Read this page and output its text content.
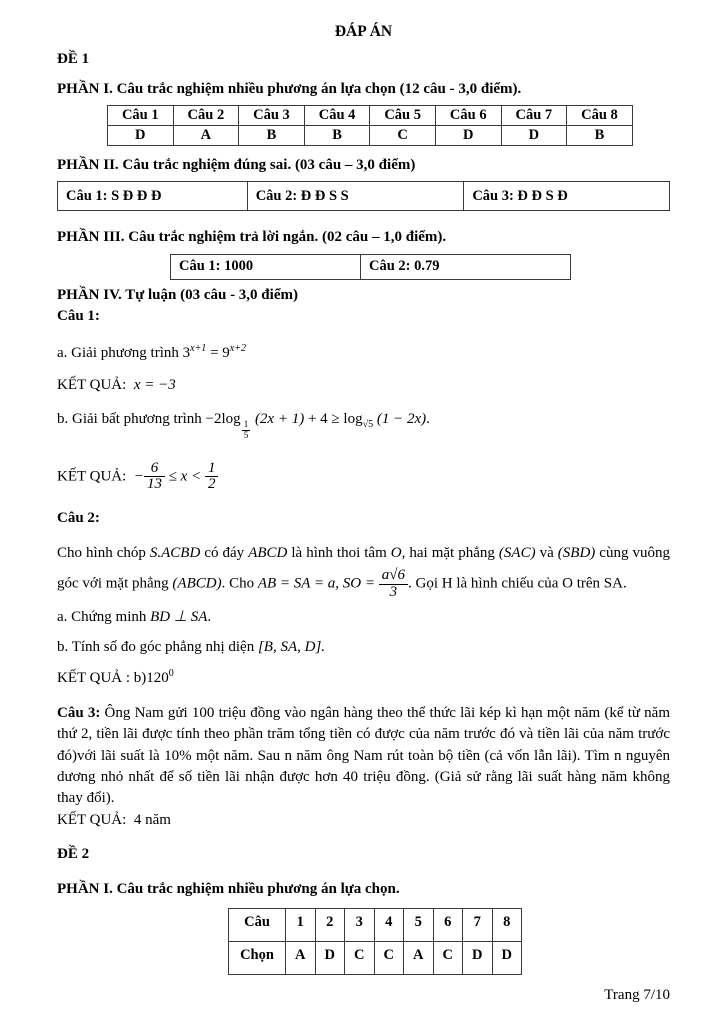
ĐÁP ÁN
ĐỀ 1
PHẦN I. Câu trắc nghiệm nhiều phương án lựa chọn (12 câu - 3,0 điểm).
Câu 1	Câu 2	Câu 3	Câu 4	Câu 5	Câu 6	Câu 7	Câu 8
D	A	B	B	C	D	D	B
PHẦN II. Câu trắc nghiệm đúng sai. (03 câu – 3,0 điểm)
Câu 1: S Đ Đ Đ	Câu 2: Đ Đ S S	Câu 3: Đ Đ S Đ
PHẦN III. Câu trắc nghiệm trả lời ngắn. (02 câu – 1,0 điểm).
Câu 1: 1000	Câu 2: 0.79
PHẦN IV. Tự luận (03 câu - 3,0 điểm)
Câu 1:
a. Giải phương trình $3^{x+1} = 9^{x+2}$
KẾT QUẢ: x = −3
b. Giải bất phương trình −2log
$\frac{1}{5}$
$(2x + 1) + 4 \ge \log_{√5} (1 - 2x)$.
KẾT QUẢ: − $\frac{6}{13} \le x < \frac{1}{2}$
Câu 2:
Cho hình chóp S.ACBD có đáy ABCD là hình thoi tâm O, hai mặt phẳng (SAC) và (SBD) cùng vuông góc với mặt phẳng (ABCD). Cho AB = SA = a, SO = $\frac{a√6}{3}$ . Gọi H là hình chiếu của O trên SA.
a. Chứng minh BD ⊥ SA.
b. Tính số đo góc phẳng nhị diện [B, SA, D].
KẾT QUẢ : $b)120^0$
Câu 3: Ông Nam gửi 100 triệu đồng vào ngân hàng theo thể thức lãi kép kì hạn một năm (kể từ năm thứ 2, tiền lãi được tính theo phần trăm tổng tiền có được của năm trước đó và tiền lãi của năm trước đó)với lãi suất là 10% một năm. Sau n năm ông Nam rút toàn bộ tiền (cả vốn lẫn lãi). Tìm n nguyên dương nhỏ nhất để số tiền lãi nhận được hơn 40 triệu đồng. (Giả sử rằng lãi suất hàng năm không thay đổi).
KẾT QUẢ: 4 năm
ĐỀ 2
PHẦN I. Câu trắc nghiệm nhiều phương án lựa chọn.
Câu	1	2	3	4	5	6	7	8
Chọn	A	D	C	C	A	C	D	D
Trang 7/10
